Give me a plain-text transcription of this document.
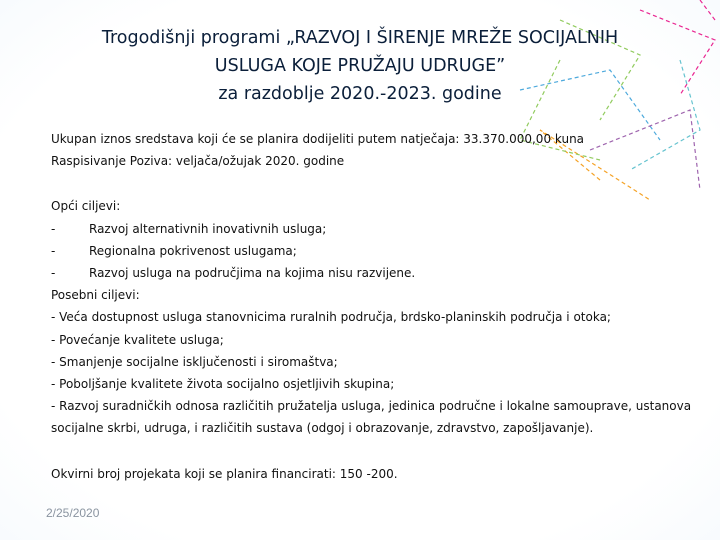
Trogodišnji programi „RAZVOJ I ŠIRENJE MREŽE SOCIJALNIH
USLUGA KOJE PRUŽAJU UDRUGE”
za razdoblje 2020.-2023. godine

Ukupan iznos sredstava koji će se planira dodijeliti putem natječaja: 33.370.000,00 kuna

Raspisivanje Poziva: veljača/ožujak 2020. godine

Opći ciljevi:

-	Razvoj alternativnih inovativnih usluga;
-	Regionalna pokrivenost uslugama;
-	Razvoj usluga na područjima na kojima nisu razvijene.

Posebni ciljevi:

- Veća dostupnost usluga stanovnicima ruralnih područja, brdsko-planinskih područja i otoka;

- Povećanje kvalitete usluga;

- Smanjenje socijalne isključenosti i siromaštva;

- Poboljšanje kvalitete života socijalno osjetljivih skupina;

- Razvoj suradničkih odnosa različitih pružatelja usluga, jedinica područne i lokalne samouprave, ustanova socijalne skrbi, udruga, i različitih sustava (odgoj i obrazovanje, zdravstvo, zapošljavanje).

Okvirni broj projekata koji se planira financirati: 150 -200.

2/25/2020
